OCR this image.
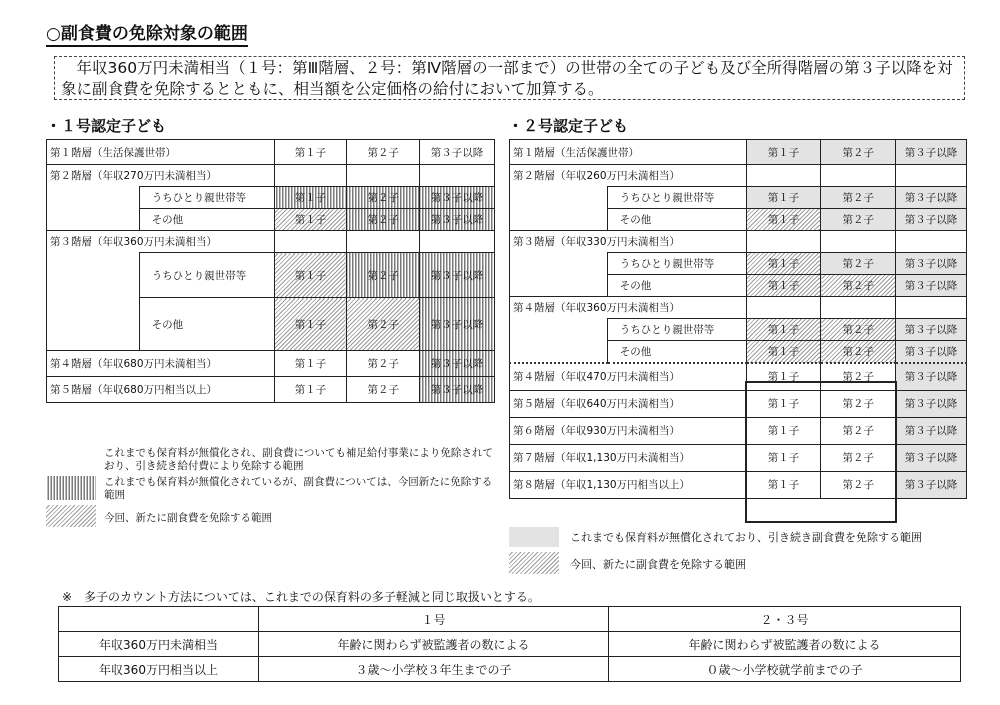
○副食費の免除対象の範囲
　年収360万円未満相当（１号：第Ⅲ階層、２号：第Ⅳ階層の一部まで）の世帯の全ての子ども及び全所得階層の第３子以降を対象に副食費を免除するとともに、相当額を公定価格の給付において加算する。
・１号認定子ども	・２号認定子ども
第１階層（生活保護世帯）		第１子	第２子	第３子以降
第２階層（年収270万円未満相当）				
	うちひとり親世帯等	第１子	第２子	第３子以降
	その他	第１子	第２子	第３子以降
第３階層（年収360万円未満相当）				
	うちひとり親世帯等	第１子	第２子	第３子以降
	その他	第１子	第２子	第３子以降
第４階層（年収680万円未満相当）		第１子	第２子	第３子以降
第５階層（年収680万円相当以上）		第１子	第２子	第３子以降
これまでも保育料が無償化され、副食費についても補足給付事業により免除されており、引き続き給付費により免除する範囲
これまでも保育料が無償化されているが、副食費については、今回新たに免除する範囲
今回、新たに副食費を免除する範囲
第１階層（生活保護世帯）		第１子	第２子	第３子以降
第２階層（年収260万円未満相当）				
	うちひとり親世帯等	第１子	第２子	第３子以降
	その他	第１子	第２子	第３子以降
第３階層（年収330万円未満相当）				
	うちひとり親世帯等	第１子	第２子	第３子以降
	その他	第１子	第２子	第３子以降
第４階層（年収360万円未満相当）				
	うちひとり親世帯等	第１子	第２子	第３子以降
	その他	第１子	第２子	第３子以降
第４階層（年収470万円未満相当）		第１子	第２子	第３子以降
第５階層（年収640万円未満相当）		第１子	第２子	第３子以降
第６階層（年収930万円未満相当）		第１子	第２子	第３子以降
第７階層（年収1,130万円未満相当）		第１子	第２子	第３子以降
第８階層（年収1,130万円相当以上）		第１子	第２子	第３子以降
これまでも保育料が無償化されており、引き続き副食費を免除する範囲
今回、新たに副食費を免除する範囲
※　多子のカウント方法については、これまでの保育料の多子軽減と同じ取扱いとする。
	１号	２・３号
年収360万円未満相当	年齢に関わらず被監護者の数による	年齢に関わらず被監護者の数による
年収360万円相当以上	３歳～小学校３年生までの子	０歳～小学校就学前までの子
